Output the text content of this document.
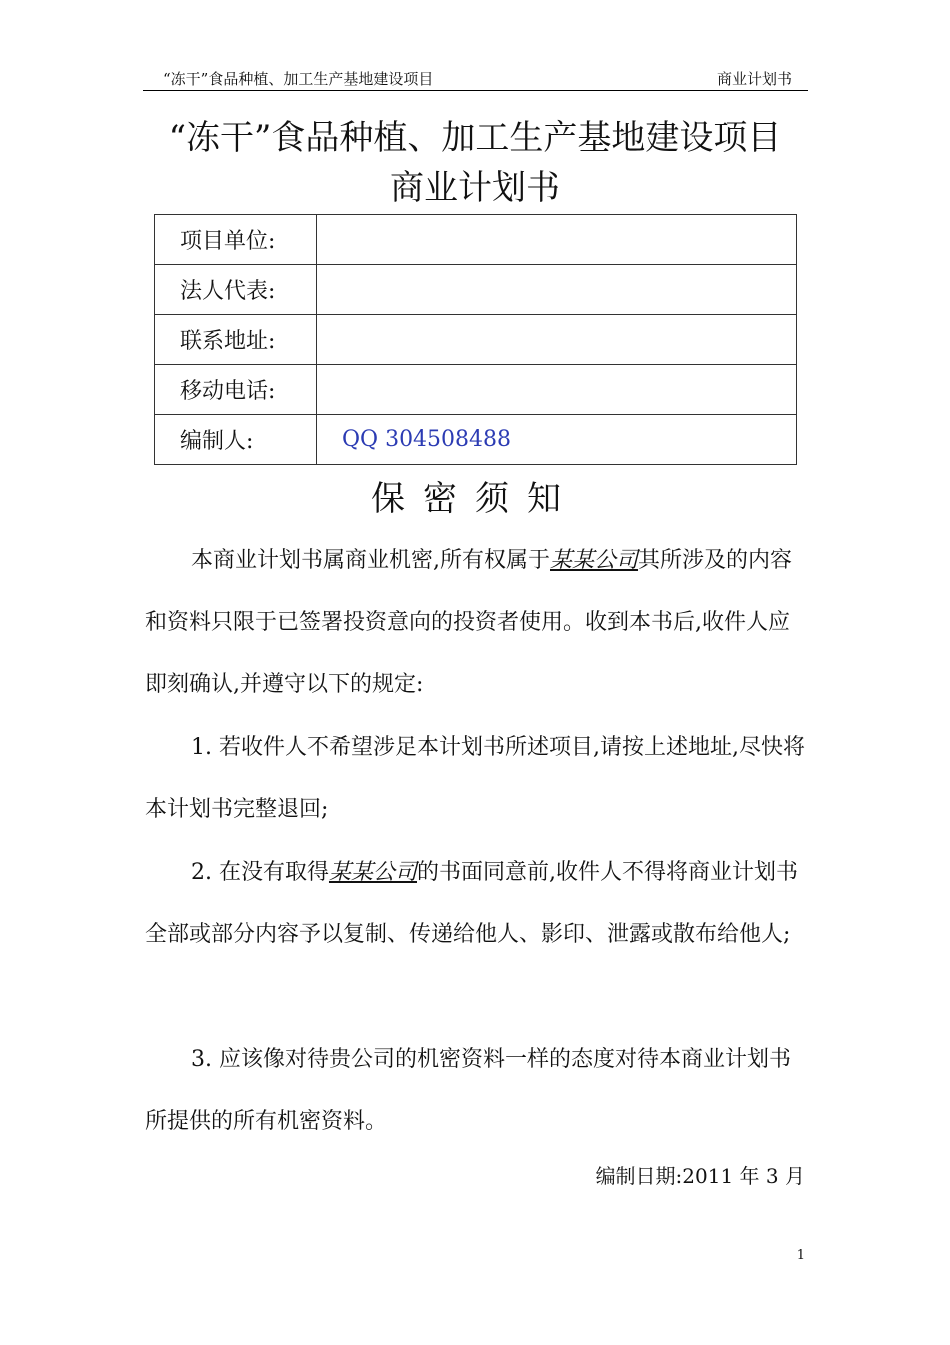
“冻干”食品种植、加工生产基地建设项目	商业计划书
“冻干”食品种植、加工生产基地建设项目
商业计划书
项目单位:	
法人代表:	
联系地址:	
移动电话:	
编制人:	QQ 304508488
保密须知

本商业计划书属商业机密,所有权属于某某公司其所涉及的内容和资料只限于已签署投资意向的投资者使用。收到本书后,收件人应即刻确认,并遵守以下的规定:

1. 若收件人不希望涉足本计划书所述项目,请按上述地址,尽快将本计划书完整退回;

2. 在没有取得某某公司的书面同意前,收件人不得将商业计划书全部或部分内容予以复制、传递给他人、影印、泄露或散布给他人;

3. 应该像对待贵公司的机密资料一样的态度对待本商业计划书所提供的所有机密资料。

编制日期:2011 年 3 月
1
